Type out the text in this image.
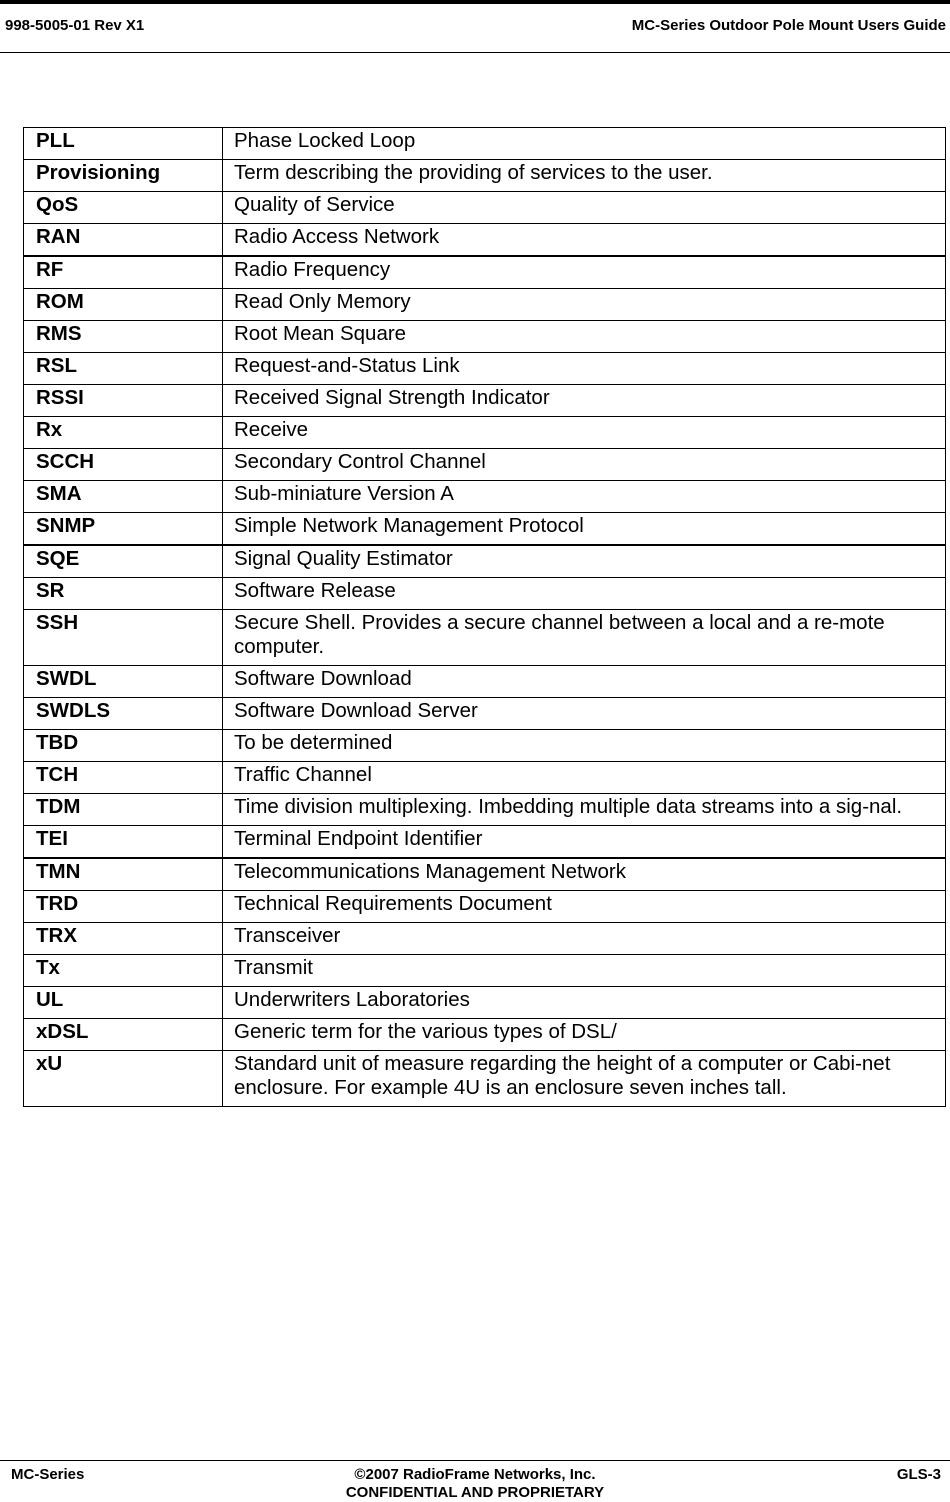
998-5005-01 Rev X1	MC-Series Outdoor Pole Mount Users Guide
PLL	Phase Locked Loop
Provisioning	Term describing the providing of services to the user.
QoS	Quality of Service
RAN	Radio Access Network
RF	Radio Frequency
ROM	Read Only Memory
RMS	Root Mean Square
RSL	Request-and-Status Link
RSSI	Received Signal Strength Indicator
Rx	Receive
SCCH	Secondary Control Channel
SMA	Sub-miniature Version A
SNMP	Simple Network Management Protocol
SQE	Signal Quality Estimator
SR	Software Release
SSH	Secure Shell. Provides a secure channel between a local and a re-mote computer.
SWDL	Software Download
SWDLS	Software Download Server
TBD	To be determined
TCH	Traffic Channel
TDM	Time division multiplexing. Imbedding multiple data streams into a sig-nal.
TEI	Terminal Endpoint Identifier
TMN	Telecommunications Management Network
TRD	Technical Requirements Document
TRX	Transceiver
Tx	Transmit
UL	Underwriters Laboratories
xDSL	Generic term for the various types of DSL/
xU	Standard unit of measure regarding the height of a computer or Cabi-net enclosure. For example 4U is an enclosure seven inches tall.
MC-Series	©2007 RadioFrame Networks, Inc.
CONFIDENTIAL AND PROPRIETARY
GLS-3
